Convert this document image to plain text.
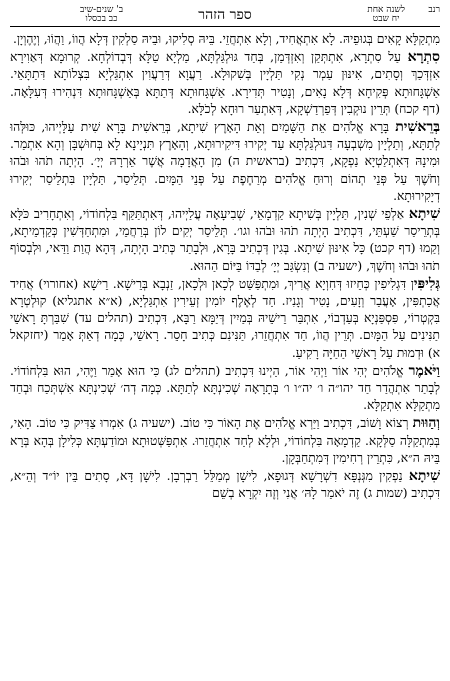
רנב
לשנה אחת
יח שבט
ספר הזהר
ב' שנים-שיב
כב בכסלו

מִתְקַלָּא קָאִים בְּגוּפֵיהּ. לָא אִתְאֲחִיד, וְלָא אִתְחֲזֵי. בֵּיהּ סְלִיקוּ, וּבֵיהּ סַלְקִין דְּלָא הֲווֹ, וַהֲוֹוּ, וְיֶהֶוְיָן.

סִתְרָא עַל סִתְרָא, אִתְתְּקַן וְאִזְדְּמַן, בְּחַד גּוּלְגַּלְתָּא, מַלְיָא טַלָּא דְּבְדוֹלְחָא. קְרוּמָא דְּאַוִירָא אִזְדְּכַךְ וְסָתִים, אִינּוּן עַמְר נְקִי תַּלְיָין בְּשִׁקוּלָא. רַעֲוָא דְּרַעֲוִין אִתְגַּלְיָא בִּצְלוֹתָא דִּתַתָּאֵי. אַשְׁגָּחוּתָא פְּקִיחָא דְּלָא נָאִים, וְנָטִיר תְּדִירָא. אַשְׁגָּחוּתָא דְּתַתָּא בְּאַשְׁגָּחוּתָא דִּנְהִירוּ דְּעִלָּאָה. (דף קכח) תְּרֵין נוּקְבִין דְּפַרְדַשְׁקָא, דְּאִתְעַר רוּחָא לְכֹלָּא.

בְּרֵאשִׁית בָּרָא אֱלֹהִים אֵת הַשָּׁמַיִם וְאֵת הָאָרֶץ שִׁיתָא, בְּרֵאשִׁית בָּרָא שִׁית עַלָּיְיהוּ, כּוּלְּהוּ לְתַתָּא, וְתַלְיָין מִשְׁבְעָה דִּגוּלְגַּלְתָּא עַד יְקִירוּ דִּיקִירוּתָא, וְהָאָרֶץ תִּנְיָינָא לָא בְּחוּשְׁבָּן וְהָא אִתְמַר. וּמִינָהּ דְּאִתְלַטְיָא נַפְקָא, דִּכְתִיב (בראשית ה) מִן הָאֲדָמָה אֲשֶׁר אֵרְרָהּ יְיָ׳. הָיְתָה תֹהוּ וּבֹהוּ וְחֹשֶׁךְ עַל פְּנֵי תְהוֹם וְרוּחַ אֱלֹהִים מְרַחֶפֶת עַל פְּנֵי הַמָּיִם. תְּלֵיסַר, תַּלְיָין בִּתְלֵיסַר יְקִירוּ דְיָקִירוּתָא.

שִׁיתָא אַלְפֵי שְׁנִין, תַּלְיָין בְּשִׁיתָא קַדְמָאֵי, שְׁבִיעָאָה עֲלַיְיהוּ, דְּאִתְתַּקַּף בִּלְחוֹדוֹי, וְאִתְחָרִיב כֹּלָּא בְּתְרֵיסַר שַׁעְתֵּי, דִּכְתִיב הָיְתָה תֹהוּ וּבֹהוּ וגו׳. תְּלֵיסַר יְקִים לוֹן בְּרַחֲמֵי, וּמִתְחַדְּשִׁין כְּקַדְמֵיתָא, וְקַמוּ (דף קכט) כָּל אִינּוּן שִׁיתָא. בְּגִין דְּכְתִיב בָּרָא, וּלְבָתַר כְּתִיב הָיְתָה, דְּהָא הֲוַת וַדַּאי, וּלְבְסוֹף תֹהוּ וּבֹהוּ וְחֹשֶׁךְ, (ישעיה ב) וְנִשְׂגַּב יְיָ׳ לְבַדּוֹ בַּיּוֹם הַהוּא.

גְּלִיפִּין דִּגְלִיפִין כְּחֵיזוּ דְּחִוְיָא אֲרִיךְ, וּמִתְפַּשַּׁט לְכָאן וּלְכָאן, זַנְבָא בְּרֵישָׁא. רֵישָׁא (אחורוי) אֲחִיד אֲכַתְפִּין, אָעֲבַר וְזָעִים, נָטִיר וְגָנִיז. חַד לְאֶלֶף יוֹמִין זְעֵירִין אִתְגַּלְיָא, (א״א אתגליא) קוּלְטְרָא בִּקְטְרוֹי, פִּסְפַּנְיָא בְּעַדְבוֹי, אִתְבַּר רֵישֵׁיהּ בְּמַיִין דְּיַמָּא רַבָּא, דִּכְתִיב (תהלים עד) שִׁבַּרְתָּ רָאשֵׁי תַנִּינִים עַל הַמָּיִם. תְּרֵין הֲווֹ, חַד אִתְחֲזֵרוּ, תַּנִּינִם כְּתִיב חָסֵר. רָאשֵׁי, כְּמָה דְאַתְּ אָמַר (יחזקאל א) וּדְמוּת עַל רָאשֵׁי הַחַיָּה רָקִיעַ.

וַיֹּאמֶר אֱלֹהִים יְהִי אוֹר וַיְהִי אוֹר, הַיְינוּ דִּכְתִיב (תהלים לג) כִּי הוּא אָמַר וַיֶּהִי, הוּא בִּלְחוֹדוֹי. לְבָתַר אִתְהֲדַר חַד יהו״ה ו׳ יה״ו ו׳ בְּתָרָאָה שְׁכִינְתָּא לְתַתָּא. כְּמָה דְה׳ שְׁכִינְתָּא אִשְׁתְּכַח וּבְחַד מִתְקַלָּא אִתְקַלָּא.

וְהַוּוּת רְצוֹא וָשׁוֹב, דִּכְתִיב וַיַּרְא אֱלֹהִים אֶת הָאוֹר כִּי טוֹב. (ישעיה ג) אִמְרוּ צַדִּיק כִּי טוֹב. הָאִי, בְּמִתְקַלָּה סַלְּקָא. קַדְמָאָה בִּלְחוֹדוֹי, וּלְלָא לְחַד אִתְחֲזֵרוּ. אִתְפַּשְּׁטוּתָא וּמוֹדַעְתָּא כְּלִילָן בְּהָא בְּרָא בֵּיהּ ה״א, כִּתְרֵין רְחִימִין דְּמִתְחַבְּקָן.

שִׁיתָא נַפְקִין מִגְּנְפָּא דִשְׁרָשָׁא דְּגוּפָא, לִישָׁן מְמַלֵּל רַבְרְבָן. לִישָׁן דָּא, סָתִים בֵּין יוֹ״ד וְהֵ״א, דִּכְתִיב (שמות ג) זֶה יֹאמַר לָהּ׳ אֲנִי וְזֶה יִקְרָא בְשֵׁם
